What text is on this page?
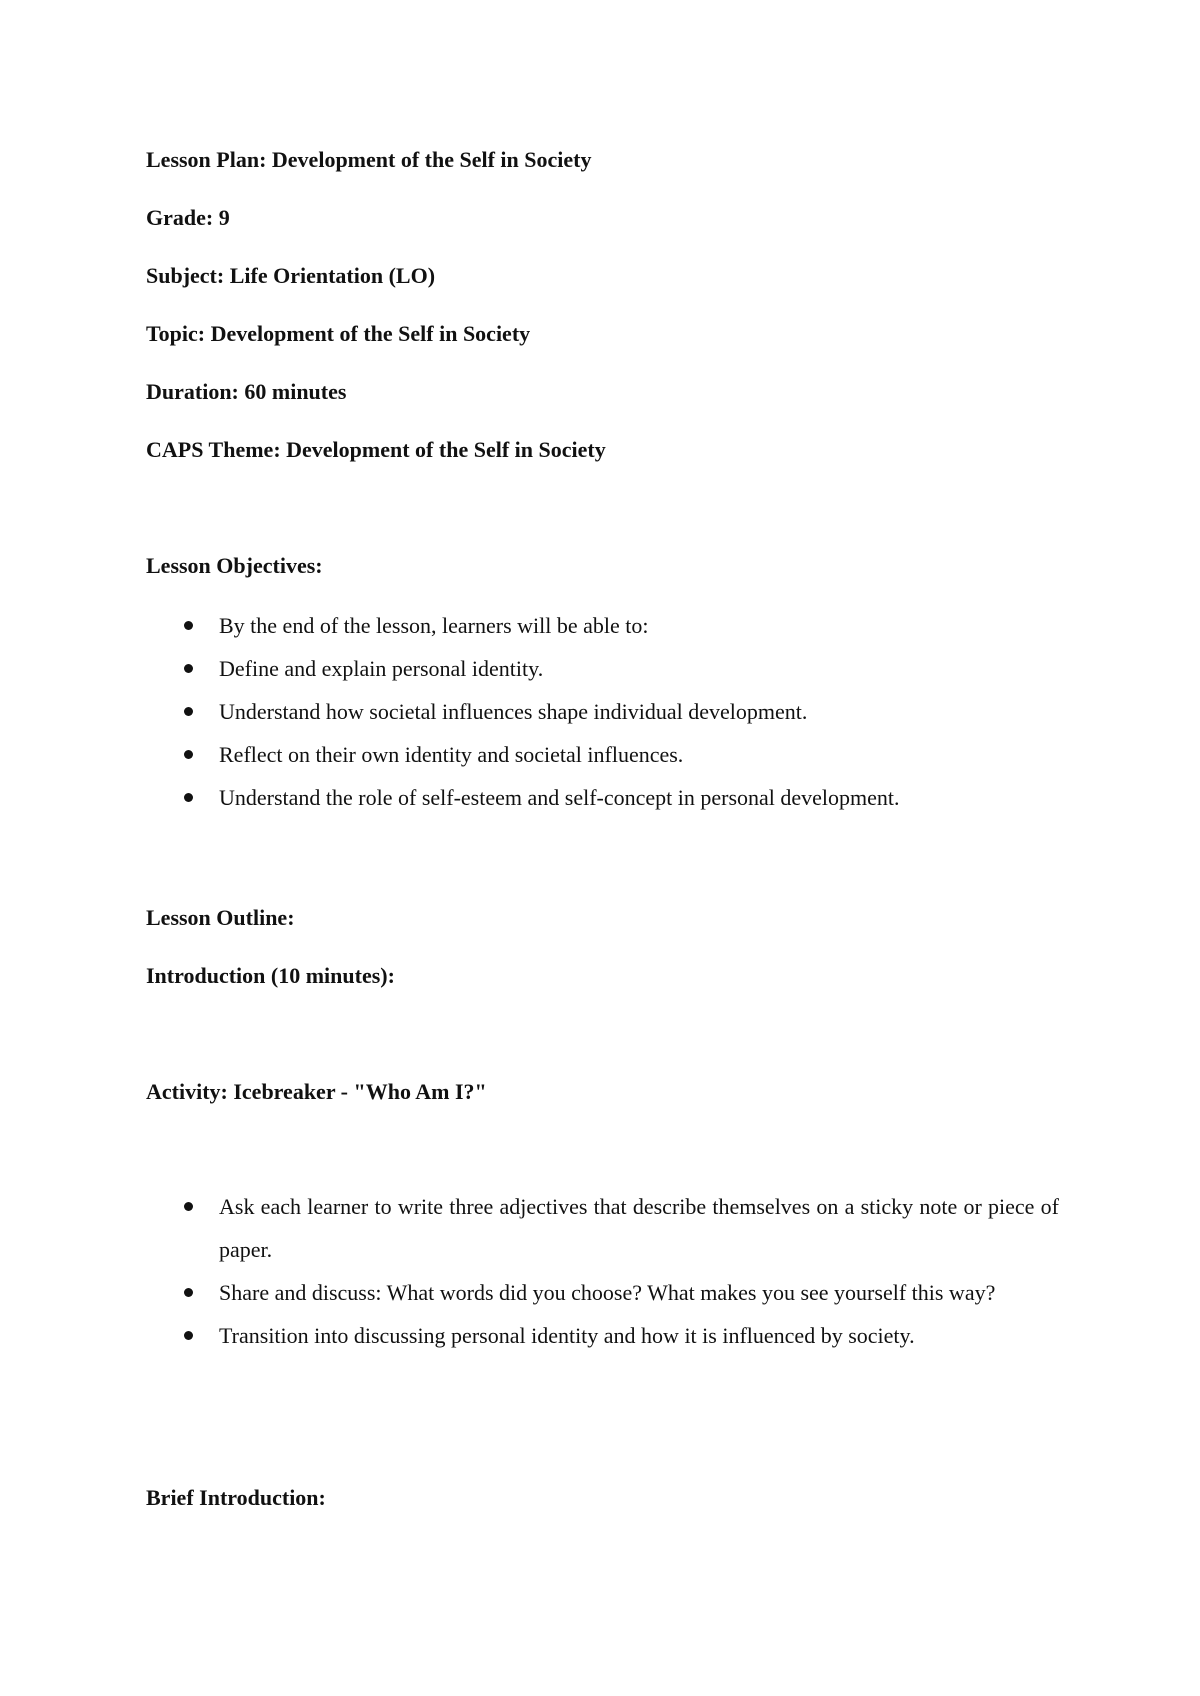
Lesson Plan: Development of the Self in Society
Grade: 9
Subject: Life Orientation (LO)
Topic: Development of the Self in Society
Duration: 60 minutes
CAPS Theme: Development of the Self in Society
Lesson Objectives:
By the end of the lesson, learners will be able to:
Define and explain personal identity.
Understand how societal influences shape individual development.
Reflect on their own identity and societal influences.
Understand the role of self-esteem and self-concept in personal development.
Lesson Outline:
Introduction (10 minutes):
Activity: Icebreaker - "Who Am I?"
Ask each learner to write three adjectives that describe themselves on a sticky note or piece of paper.
Share and discuss: What words did you choose? What makes you see yourself this way?
Transition into discussing personal identity and how it is influenced by society.
Brief Introduction:
